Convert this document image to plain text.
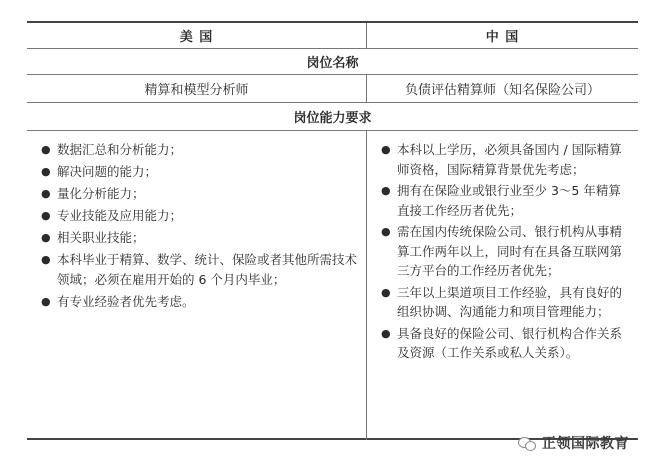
美 国	中 国
岗位名称
精算和模型分析师	负债评估精算师（知名保险公司）
岗位能力要求
● 数据汇总和分析能力；
● 解决问题的能力；
● 量化分析能力；
● 专业技能及应用能力；
● 相关职业技能；
● 本科毕业于精算、数学、统计、保险或者其他所需技术领域；必须在雇用开始的 6 个月内毕业；
● 有专业经验者优先考虑。
● 本科以上学历，必须具备国内 / 国际精算师资格，国际精算背景优先考虑；
● 拥有在保险业或银行业至少 3～5 年精算直接工作经历者优先；
● 需在国内传统保险公司、银行机构从事精算工作两年以上，同时有在具备互联网第三方平台的工作经历者优先；
● 三年以上渠道项目工作经验，具有良好的组织协调、沟通能力和项目管理能力；
● 具备良好的保险公司、银行机构合作关系及资源（工作关系或私人关系）。
正领国际教育
